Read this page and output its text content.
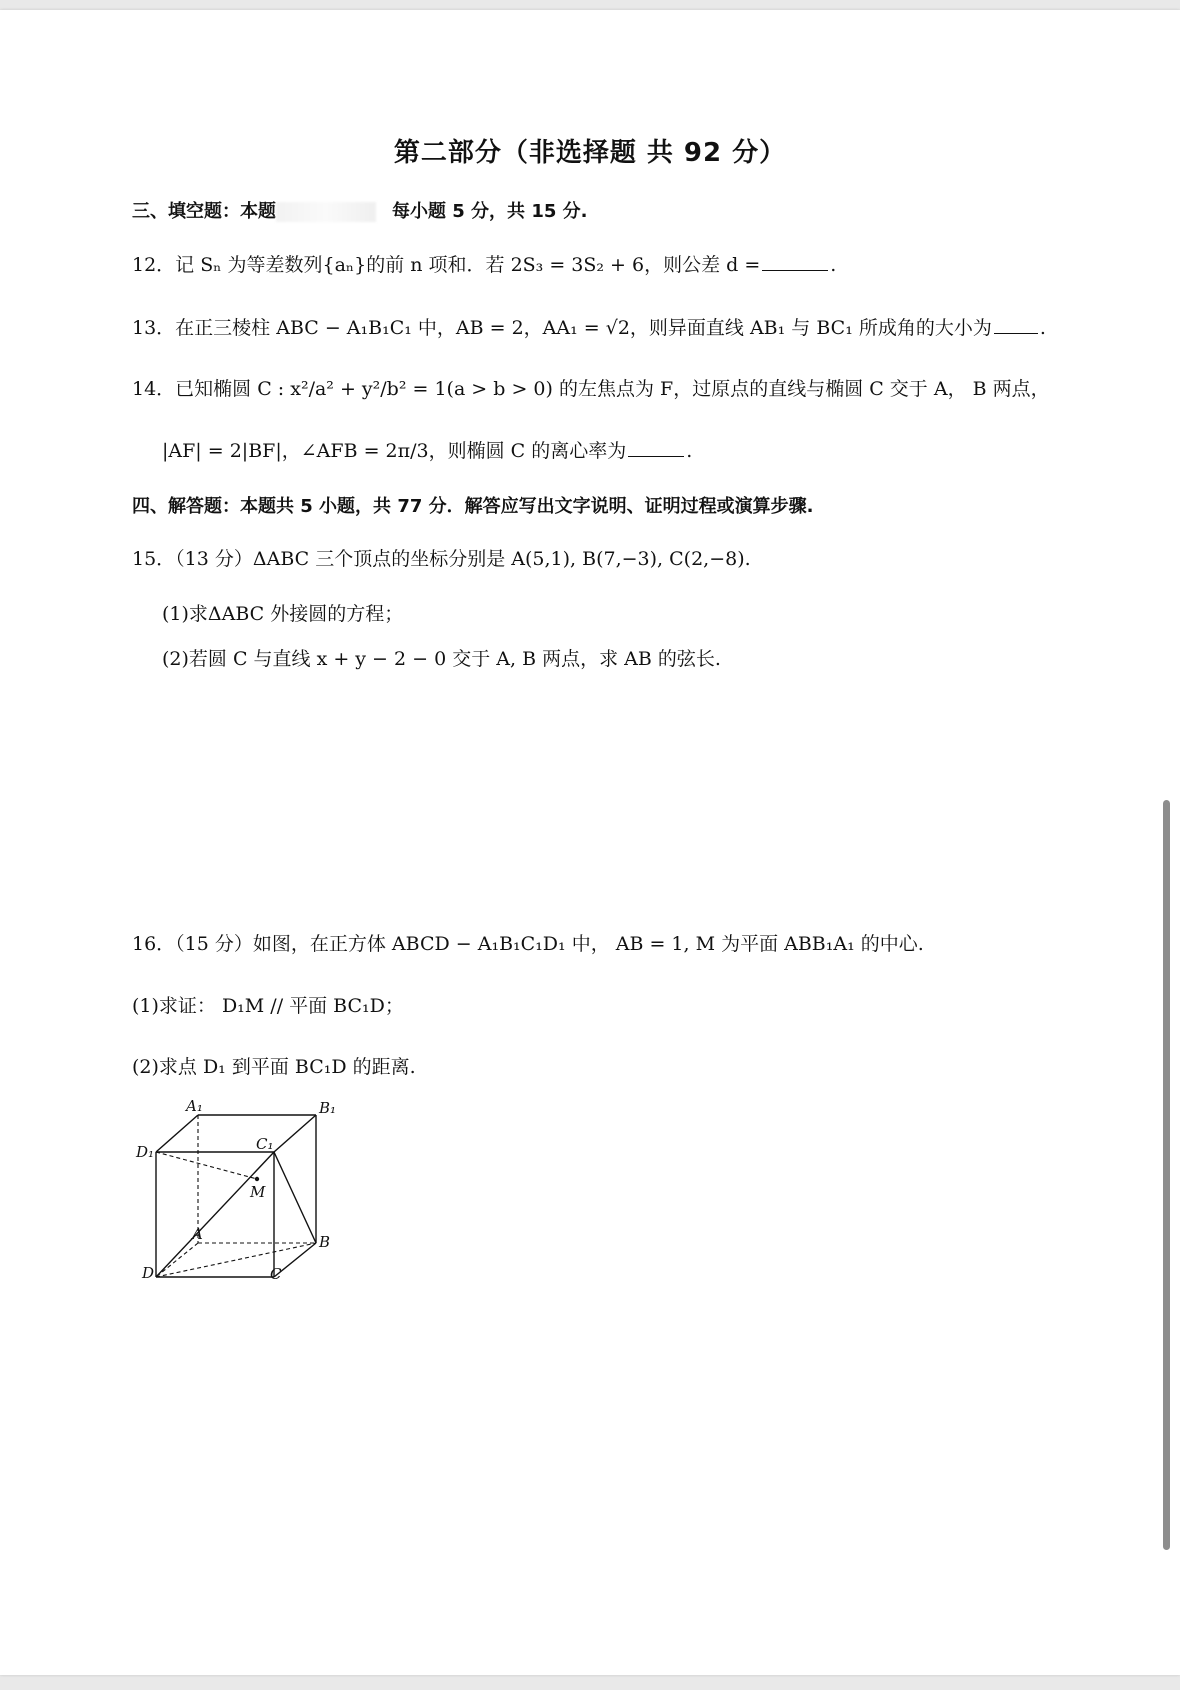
第二部分（非选择题 共 92 分）
三、填空题：本题	每小题 5 分，共 15 分.
12．记 Sₙ 为等差数列{aₙ}的前 n 项和．若 2S₃ = 3S₂ + 6，则公差 d =	.
13．在正三棱柱 ABC − A₁B₁C₁ 中，AB = 2，AA₁ = √2，则异面直线 AB₁ 与 BC₁ 所成角的大小为	.
14．已知椭圆 C : x²/a² + y²/b² = 1(a > b > 0) 的左焦点为 F，过原点的直线与椭圆 C 交于 A， B 两点，
|AF| = 2|BF|，∠AFB = 2π/3，则椭圆 C 的离心率为	.
四、解答题：本题共 5 小题，共 77 分．解答应写出文字说明、证明过程或演算步骤.
15．（13 分）ΔABC 三个顶点的坐标分别是 A(5,1), B(7,−3), C(2,−8).
(1)求ΔABC 外接圆的方程；
(2)若圆 C 与直线 x + y − 2 − 0 交于 A, B 两点，求 AB 的弦长.
16．（15 分）如图，在正方体 ABCD − A₁B₁C₁D₁ 中， AB = 1, M 为平面 ABB₁A₁ 的中心.
(1)求证： D₁M // 平面 BC₁D；
(2)求点 D₁ 到平面 BC₁D 的距离.
A₁	B₁
C₁
D₁
M
A	B
C
D
